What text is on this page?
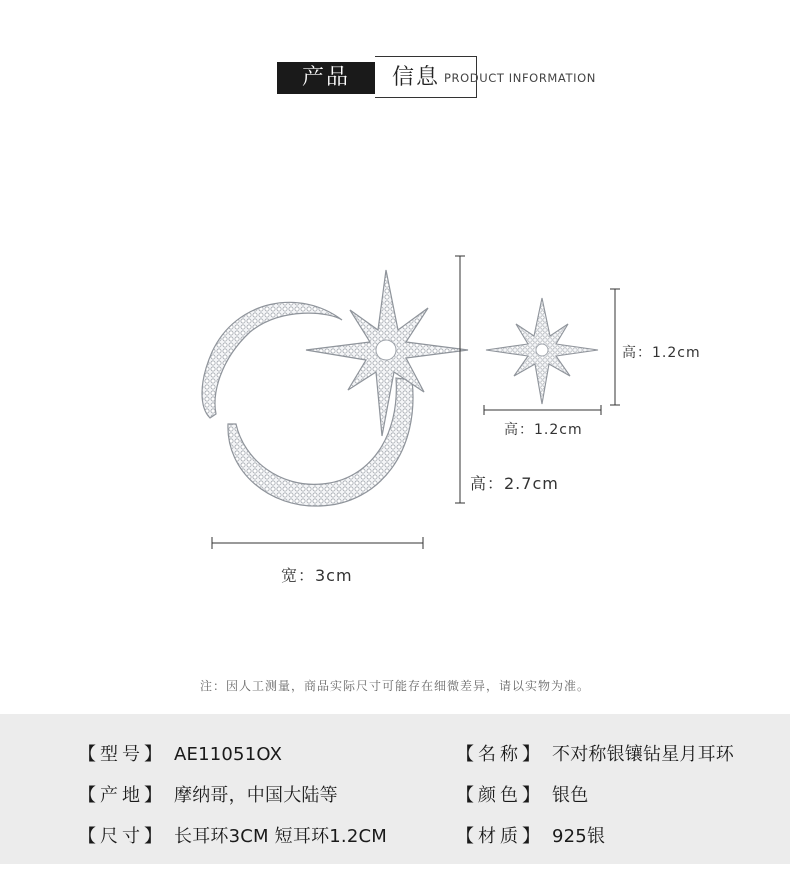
产品	信息 PRODUCT INFORMATION
宽：3cm
高：2.7cm
高：1.2cm
高：1.2cm
注：因人工测量，商品实际尺寸可能存在细微差异，请以实物为准。
【型号】 AE11051OX	【名称】 不对称银镶钻星月耳环
【产地】 摩纳哥，中国大陆等	【颜色】 银色
【尺寸】 长耳环3CM 短耳环1.2CM	【材质】 925银
